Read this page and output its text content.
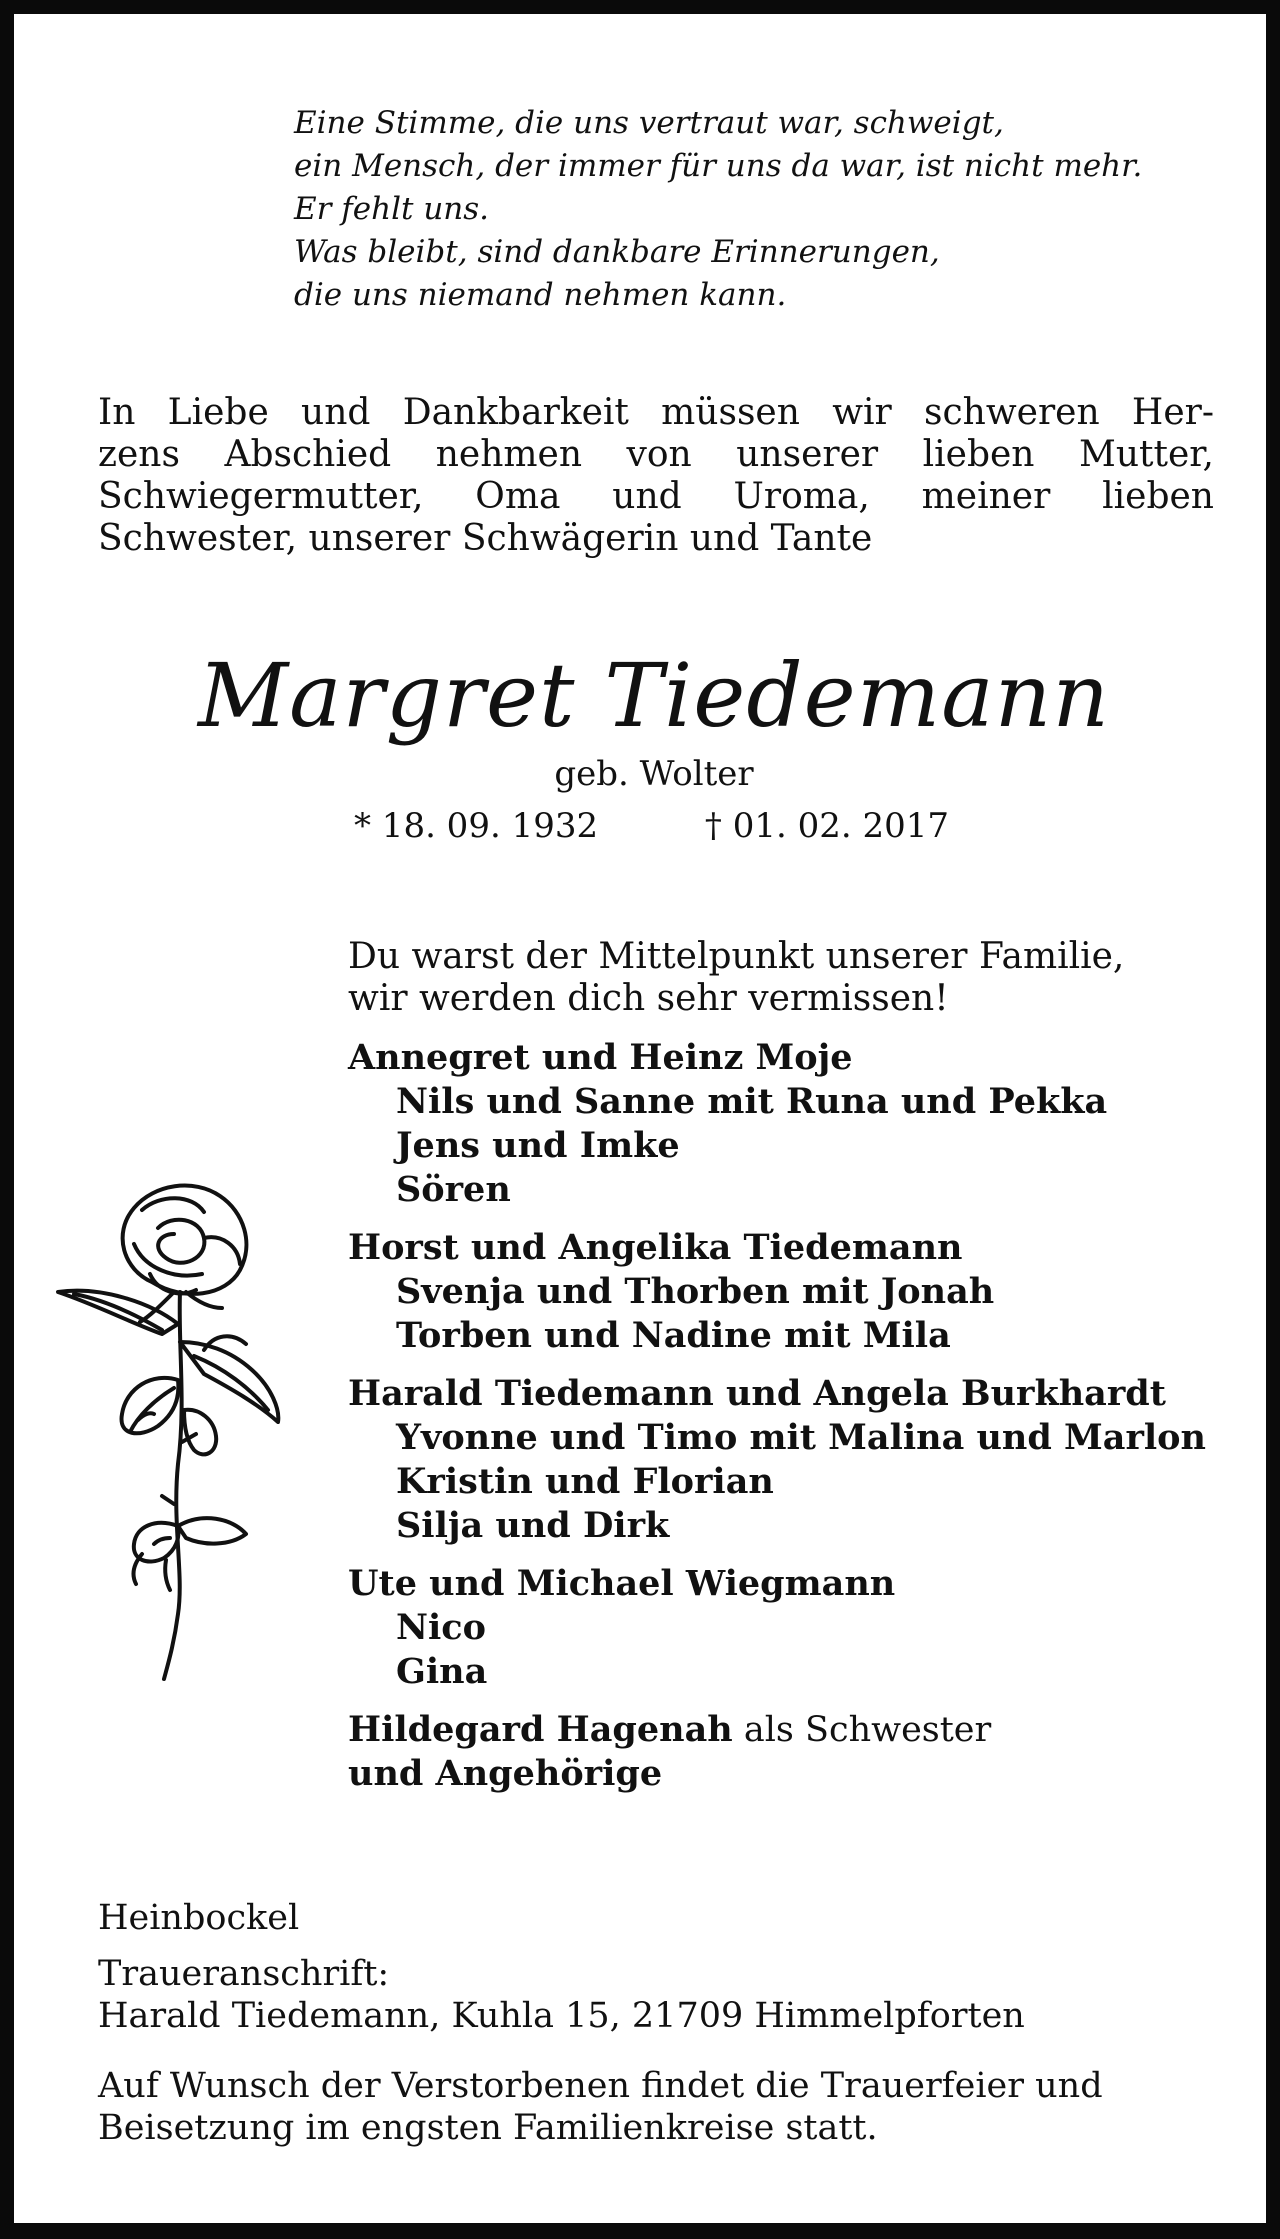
Eine Stimme, die uns vertraut war, schweigt,
ein Mensch, der immer für uns da war, ist nicht mehr.
Er fehlt uns.
Was bleibt, sind dankbare Erinnerungen,
die uns niemand nehmen kann.
In Liebe und Dankbarkeit müssen wir schweren Her-
zens Abschied nehmen von unserer lieben Mutter,
Schwiegermutter, Oma und Uroma, meiner lieben
Schwester, unserer Schwägerin und Tante
Margret Tiedemann
geb. Wolter
* 18. 09. 1932	† 01. 02. 2017
Du warst der Mittelpunkt unserer Familie,
wir werden dich sehr vermissen!
Annegret und Heinz Moje
Nils und Sanne mit Runa und Pekka
Jens und Imke
Sören
Horst und Angelika Tiedemann
Svenja und Thorben mit Jonah
Torben und Nadine mit Mila
Harald Tiedemann und Angela Burkhardt
Yvonne und Timo mit Malina und Marlon
Kristin und Florian
Silja und Dirk
Ute und Michael Wiegmann
Nico
Gina
Hildegard Hagenah als Schwester
und Angehörige
Heinbockel
Traueranschrift:
Harald Tiedemann, Kuhla 15, 21709 Himmelpforten
Auf Wunsch der Verstorbenen findet die Trauerfeier und
Beisetzung im engsten Familienkreise statt.
